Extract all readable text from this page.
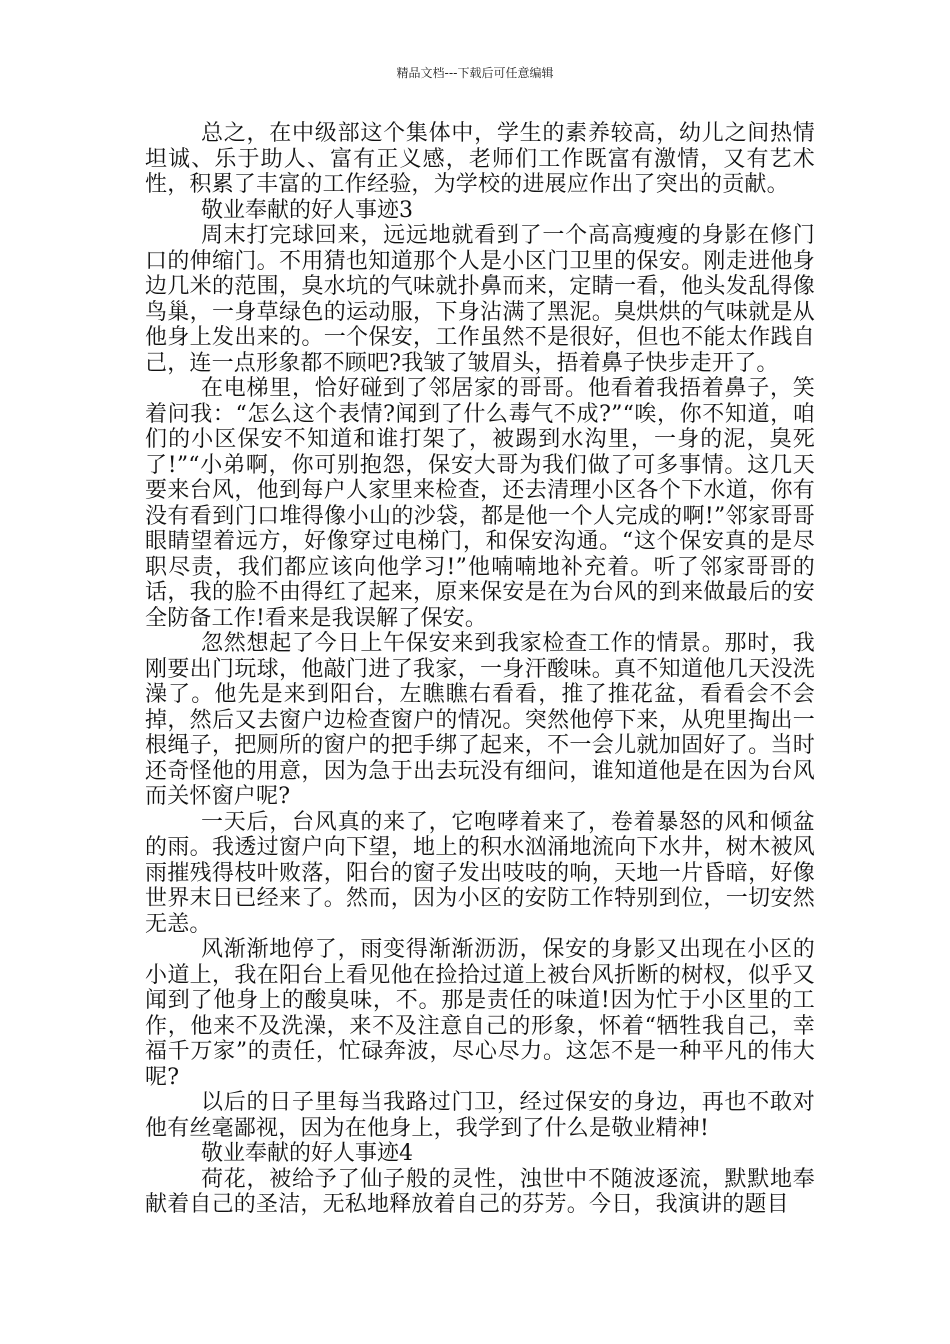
精品文档---下载后可任意编辑

总之，在中级部这个集体中，学生的素养较高，幼儿之间热情坦诚、乐于助人、富有正义感，老师们工作既富有激情，又有艺术性，积累了丰富的工作经验，为学校的进展应作出了突出的贡献。

敬业奉献的好人事迹3

周末打完球回来，远远地就看到了一个高高瘦瘦的身影在修门口的伸缩门。不用猜也知道那个人是小区门卫里的保安。刚走进他身边几米的范围，臭水坑的气味就扑鼻而来，定睛一看，他头发乱得像鸟巢，一身草绿色的运动服，下身沾满了黑泥。臭烘烘的气味就是从他身上发出来的。一个保安，工作虽然不是很好，但也不能太作践自己，连一点形象都不顾吧?我皱了皱眉头，捂着鼻子快步走开了。

在电梯里，恰好碰到了邻居家的哥哥。他看着我捂着鼻子，笑着问我：“怎么这个表情?闻到了什么毒气不成?”“唉，你不知道，咱们的小区保安不知道和谁打架了，被踢到水沟里，一身的泥，臭死了!”“小弟啊，你可别抱怨，保安大哥为我们做了可多事情。这几天要来台风，他到每户人家里来检查，还去清理小区各个下水道，你有没有看到门口堆得像小山的沙袋，都是他一个人完成的啊!”邻家哥哥眼睛望着远方，好像穿过电梯门，和保安沟通。“这个保安真的是尽职尽责，我们都应该向他学习!”他喃喃地补充着。听了邻家哥哥的话，我的脸不由得红了起来，原来保安是在为台风的到来做最后的安全防备工作!看来是我误解了保安。

忽然想起了今日上午保安来到我家检查工作的情景。那时，我刚要出门玩球，他敲门进了我家，一身汗酸味。真不知道他几天没洗澡了。他先是来到阳台，左瞧瞧右看看，推了推花盆，看看会不会掉，然后又去窗户边检查窗户的情况。突然他停下来，从兜里掏出一根绳子，把厕所的窗户的把手绑了起来，不一会儿就加固好了。当时还奇怪他的用意，因为急于出去玩没有细问，谁知道他是在因为台风而关怀窗户呢?

一天后，台风真的来了，它咆哮着来了，卷着暴怒的风和倾盆的雨。我透过窗户向下望，地上的积水汹涌地流向下水井，树木被风雨摧残得枝叶败落，阳台的窗子发出吱吱的响，天地一片昏暗，好像世界末日已经来了。然而，因为小区的安防工作特别到位，一切安然无恙。

风渐渐地停了，雨变得渐渐沥沥，保安的身影又出现在小区的小道上，我在阳台上看见他在捡拾过道上被台风折断的树杈，似乎又闻到了他身上的酸臭味，不。那是责任的味道!因为忙于小区里的工作，他来不及洗澡，来不及注意自己的形象，怀着“牺牲我自己，幸福千万家”的责任，忙碌奔波，尽心尽力。这怎不是一种平凡的伟大呢?

以后的日子里每当我路过门卫，经过保安的身边，再也不敢对他有丝毫鄙视，因为在他身上，我学到了什么是敬业精神!

敬业奉献的好人事迹4

荷花，被给予了仙子般的灵性，浊世中不随波逐流，默默地奉献着自己的圣洁，无私地释放着自己的芬芳。今日，我演讲的题目
